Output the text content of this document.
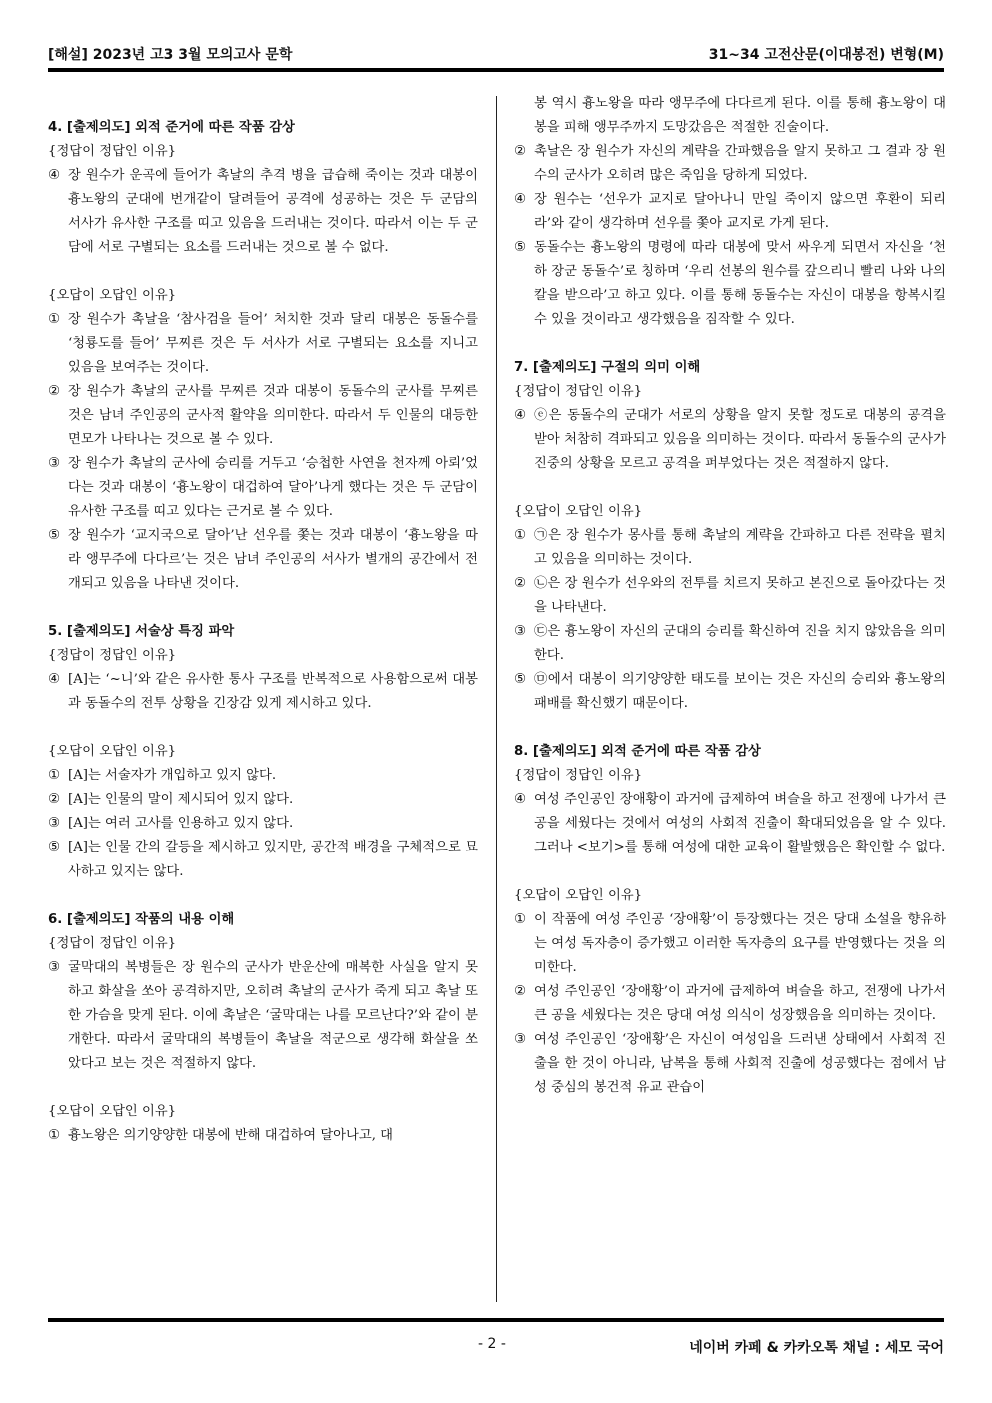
[해설] 2023년 고3 3월 모의고사 문학	31~34 고전산문(이대봉전) 변형(M)
4. [출제의도] 외적 준거에 따른 작품 감상
{정답이 정답인 이유}
④ 장 원수가 운곡에 들어가 촉날의 추격 병을 급습해 죽이는 것과 대봉이 흉노왕의 군대에 번개같이 달려들어 공격에 성공하는 것은 두 군담의 서사가 유사한 구조를 띠고 있음을 드러내는 것이다. 따라서 이는 두 군담에 서로 구별되는 요소를 드러내는 것으로 볼 수 없다.
{오답이 오답인 이유}
① 장 원수가 촉날을 ‘참사검을 들어’ 처치한 것과 달리 대봉은 동돌수를 ‘청룡도를 들어’ 무찌른 것은 두 서사가 서로 구별되는 요소를 지니고 있음을 보여주는 것이다.
② 장 원수가 촉날의 군사를 무찌른 것과 대봉이 동돌수의 군사를 무찌른 것은 남녀 주인공의 군사적 활약을 의미한다. 따라서 두 인물의 대등한 면모가 나타나는 것으로 볼 수 있다.
③ 장 원수가 촉날의 군사에 승리를 거두고 ‘승첩한 사연을 천자께 아뢰’었다는 것과 대봉이 ‘흉노왕이 대겁하여 달아’나게 했다는 것은 두 군담이 유사한 구조를 띠고 있다는 근거로 볼 수 있다.
⑤ 장 원수가 ‘교지국으로 달아’난 선우를 쫓는 것과 대봉이 ‘흉노왕을 따라 앵무주에 다다르’는 것은 남녀 주인공의 서사가 별개의 공간에서 전개되고 있음을 나타낸 것이다.
5. [출제의도] 서술상 특징 파악
{정답이 정답인 이유}
④ [A]는 ‘~니’와 같은 유사한 통사 구조를 반복적으로 사용함으로써 대봉과 동돌수의 전투 상황을 긴장감 있게 제시하고 있다.
{오답이 오답인 이유}
① [A]는 서술자가 개입하고 있지 않다.
② [A]는 인물의 말이 제시되어 있지 않다.
③ [A]는 여러 고사를 인용하고 있지 않다.
⑤ [A]는 인물 간의 갈등을 제시하고 있지만, 공간적 배경을 구체적으로 묘사하고 있지는 않다.
6. [출제의도] 작품의 내용 이해
{정답이 정답인 이유}
③ 굴막대의 복병들은 장 원수의 군사가 반운산에 매복한 사실을 알지 못하고 화살을 쏘아 공격하지만, 오히려 촉날의 군사가 죽게 되고 촉날 또한 가슴을 맞게 된다. 이에 촉날은 ‘굴막대는 나를 모르난다?’와 같이 분개한다. 따라서 굴막대의 복병들이 촉날을 적군으로 생각해 화살을 쏘았다고 보는 것은 적절하지 않다.
{오답이 오답인 이유}
① 흉노왕은 의기양양한 대봉에 반해 대겁하여 달아나고, 대
봉 역시 흉노왕을 따라 앵무주에 다다르게 된다. 이를 통해 흉노왕이 대봉을 피해 앵무주까지 도망갔음은 적절한 진술이다.
② 촉날은 장 원수가 자신의 계략을 간파했음을 알지 못하고 그 결과 장 원수의 군사가 오히려 많은 죽임을 당하게 되었다.
④ 장 원수는 ‘선우가 교지로 달아나니 만일 죽이지 않으면 후환이 되리라’와 같이 생각하며 선우를 쫓아 교지로 가게 된다.
⑤ 동돌수는 흉노왕의 명령에 따라 대봉에 맞서 싸우게 되면서 자신을 ‘천하 장군 동돌수’로 칭하며 ‘우리 선봉의 원수를 갚으리니 빨리 나와 나의 칼을 받으라’고 하고 있다. 이를 통해 동돌수는 자신이 대봉을 항복시킬 수 있을 것이라고 생각했음을 짐작할 수 있다.
7. [출제의도] 구절의 의미 이해
{정답이 정답인 이유}
④ ⓔ은 동돌수의 군대가 서로의 상황을 알지 못할 정도로 대봉의 공격을 받아 처참히 격파되고 있음을 의미하는 것이다. 따라서 동돌수의 군사가 진중의 상황을 모르고 공격을 퍼부었다는 것은 적절하지 않다.
{오답이 오답인 이유}
① ㉠은 장 원수가 몽사를 통해 촉날의 계략을 간파하고 다른 전략을 펼치고 있음을 의미하는 것이다.
② ㉡은 장 원수가 선우와의 전투를 치르지 못하고 본진으로 돌아갔다는 것을 나타낸다.
③ ㉢은 흉노왕이 자신의 군대의 승리를 확신하여 진을 치지 않았음을 의미한다.
⑤ ㉤에서 대봉이 의기양양한 태도를 보이는 것은 자신의 승리와 흉노왕의 패배를 확신했기 때문이다.
8. [출제의도] 외적 준거에 따른 작품 감상
{정답이 정답인 이유}
④ 여성 주인공인 장애황이 과거에 급제하여 벼슬을 하고 전쟁에 나가서 큰 공을 세웠다는 것에서 여성의 사회적 진출이 확대되었음을 알 수 있다. 그러나 <보기>를 통해 여성에 대한 교육이 활발했음은 확인할 수 없다.
{오답이 오답인 이유}
① 이 작품에 여성 주인공 ‘장애황’이 등장했다는 것은 당대 소설을 향유하는 여성 독자층이 증가했고 이러한 독자층의 요구를 반영했다는 것을 의미한다.
② 여성 주인공인 ‘장애황’이 과거에 급제하여 벼슬을 하고, 전쟁에 나가서 큰 공을 세웠다는 것은 당대 여성 의식이 성장했음을 의미하는 것이다.
③ 여성 주인공인 ‘장애황’은 자신이 여성임을 드러낸 상태에서 사회적 진출을 한 것이 아니라, 남복을 통해 사회적 진출에 성공했다는 점에서 남성 중심의 봉건적 유교 관습이
- 2 -	네이버 카페 & 카카오톡 채널 : 세모 국어
